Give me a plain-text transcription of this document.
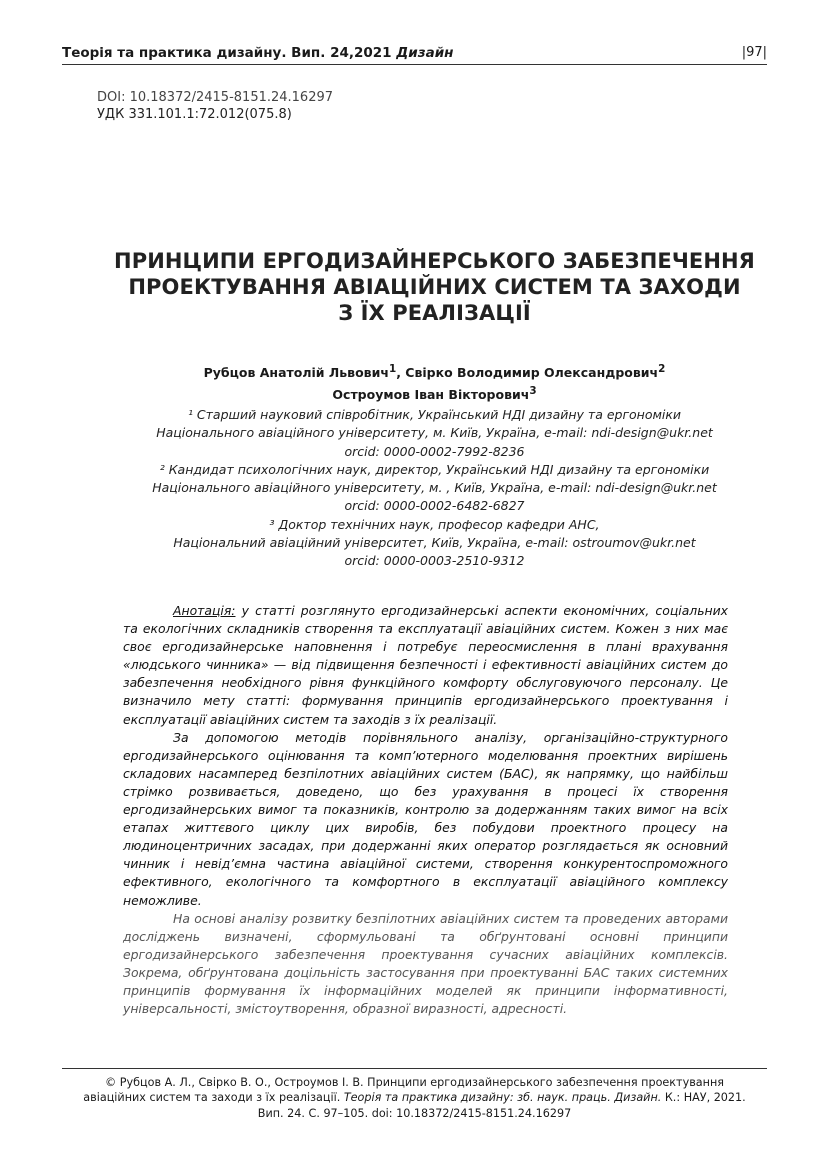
Теорія та практика дизайну. Вип. 24,2021 Дизайн	|97|
DOI: 10.18372/2415-8151.24.16297
УДК 331.101.1:72.012(075.8)
ПРИНЦИПИ ЕРГОДИЗАЙНЕРСЬКОГО ЗАБЕЗПЕЧЕННЯ
ПРОЕКТУВАННЯ АВІАЦІЙНИХ СИСТЕМ ТА ЗАХОДИ
З ЇХ РЕАЛІЗАЦІЇ
Рубцов Анатолій Львович$^1$, Свірко Володимир Олександрович$^2$
Остроумов Іван Вікторович$^3$
¹ Старший науковий співробітник, Український НДІ дизайну та ергономіки
Національного авіаційного університету, м. Київ, Україна, e-mail: ndi-design@ukr.net
orcid: 0000-0002-7992-8236
² Кандидат психологічних наук, директор, Український НДІ дизайну та ергономіки
Національного авіаційного університету, м. , Київ, Україна, e-mail: ndi-design@ukr.net
orcid: 0000-0002-6482-6827
³ Доктор технічних наук, професор кафедри АНС,
Національний авіаційний університет, Київ, Україна, e-mail: ostroumov@ukr.net
orcid: 0000-0003-2510-9312

Анотація: у статті розглянуто ергодизайнерські аспекти економічних, соціальних та екологічних складників створення та експлуатації авіаційних систем. Кожен з них має своє ергодизайнерське наповнення і потребує переосмислення в плані врахування «людського чинника» — від підвищення безпечності і ефективності авіаційних систем до забезпечення необхідного рівня функційного комфорту обслуговуючого персоналу. Це визначило мету статті: формування принципів ергодизайнерського проектування і експлуатації авіаційних систем та заходів з їх реалізації.

За допомогою методів порівняльного аналізу, організаційно-структурного ергодизайнерського оцінювання та комп’ютерного моделювання проектних вирішень складових насамперед безпілотних авіаційних систем (БАС), як напрямку, що найбільш стрімко розвивається, доведено, що без урахування в процесі їх створення ергодизайнерських вимог та показників, контролю за додержанням таких вимог на всіх етапах життєвого циклу цих виробів, без побудови проектного процесу на людиноцентричних засадах, при додержанні яких оператор розглядається як основний чинник і невід’ємна частина авіаційної системи, створення конкурентоспроможного ефективного, екологічного та комфортного в експлуатації авіаційного комплексу неможливе.

На основі аналізу розвитку безпілотних авіаційних систем та проведених авторами досліджень визначені, сформульовані та обґрунтовані основні принципи ергодизайнерського забезпечення проектування сучасних авіаційних комплексів. Зокрема, обґрунтована доцільність застосування при проектуванні БАС таких системних принципів формування їх інформаційних моделей як принципи інформативності, універсальності, змістоутворення, образної виразності, адресності.

© Рубцов А. Л., Свірко В. О., Остроумов І. В. Принципи ергодизайнерського забезпечення проектування
авіаційних систем та заходи з їх реалізації. Теорія та практика дизайну: зб. наук. праць. Дизайн. К.: НАУ, 2021.
Вип. 24. С. 97–105. doi: 10.18372/2415-8151.24.16297
